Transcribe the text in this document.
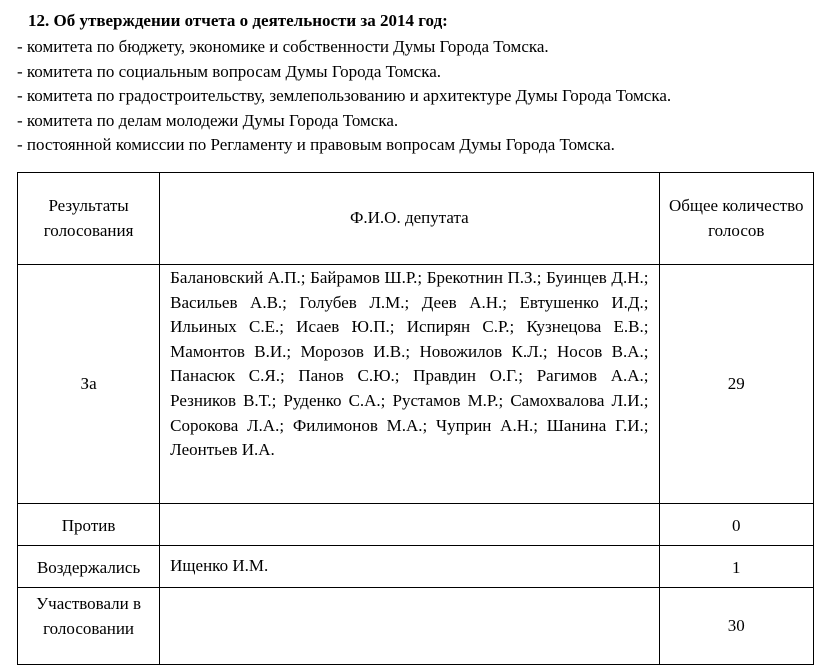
12. Об утверждении отчета о деятельности за 2014 год:
- комитета по бюджету, экономике и собственности Думы Города Томска.
- комитета по социальным вопросам Думы Города Томска.
- комитета по градостроительству, землепользованию и архитектуре Думы Города Томска.
- комитета по делам молодежи Думы Города Томска.
- постоянной комиссии по Регламенту и правовым вопросам Думы Города Томска.
Результаты голосования	Ф.И.О. депутата	Общее количество голосов
За	Балановский А.П.; Байрамов Ш.Р.; Брекотнин П.З.; Буинцев Д.Н.; Васильев А.В.; Голубев Л.М.; Деев А.Н.; Евтушенко И.Д.; Ильиных С.Е.; Исаев Ю.П.; Испирян С.Р.; Кузнецова Е.В.; Мамонтов В.И.; Морозов И.В.; Новожилов К.Л.; Носов В.А.; Панасюк С.Я.; Панов С.Ю.; Правдин О.Г.; Рагимов А.А.; Резников В.Т.; Руденко С.А.; Рустамов М.Р.; Самохвалова Л.И.; Сорокова Л.А.; Филимонов М.А.; Чуприн А.Н.; Шанина Г.И.; Леонтьев И.А.	29
Против		0
Воздержались	Ищенко И.М.	1
Участвовали в голосовании		30
